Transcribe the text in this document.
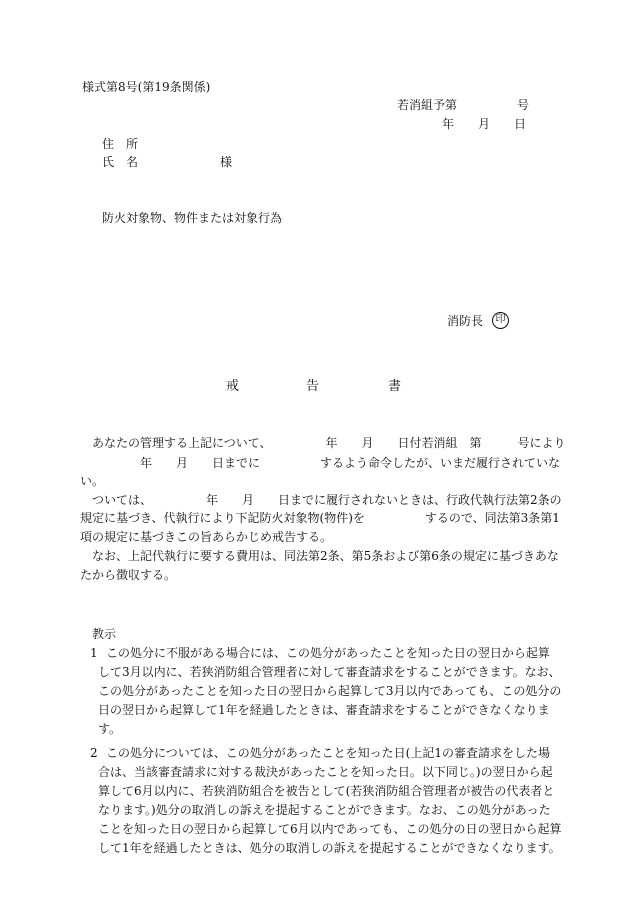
様式第8号(第19条関係)
若消組予第　　　　　号
年　　月　　日
住　所
氏　名	様
防火対象物、物件または対象行為
消防長	印
戒	告	書
あなたの管理する上記について、　　　　　年　　月　　日付若消組　第　　　号により
　　　　　年　　月　　日までに　　　　　するよう命令したが、いまだ履行されていな
い。
ついては、　　　　　年　　月　　日までに履行されないときは、行政代執行法第2条の
規定に基づき、代執行により下記防火対象物(物件)を　　　　　するので、同法第3条第1
項の規定に基づきこの旨あらかじめ戒告する。
なお、上記代執行に要する費用は、同法第2条、第5条および第6条の規定に基づきあな
たから徴収する。
教示
1 この処分に不服がある場合には、この処分があったことを知った日の翌日から起算
して3月以内に、若狭消防組合管理者に対して審査請求をすることができます。なお、
この処分があったことを知った日の翌日から起算して3月以内であっても、この処分の
日の翌日から起算して1年を経過したときは、審査請求をすることができなくなりま
す。
2 この処分については、この処分があったことを知った日(上記1の審査請求をした場
合は、当該審査請求に対する裁決があったことを知った日。以下同じ。)の翌日から起
算して6月以内に、若狭消防組合を被告として(若狭消防組合管理者が被告の代表者と
なります。)処分の取消しの訴えを提起することができます。なお、この処分があった
ことを知った日の翌日から起算して6月以内であっても、この処分の日の翌日から起算
して1年を経過したときは、処分の取消しの訴えを提起することができなくなります。
